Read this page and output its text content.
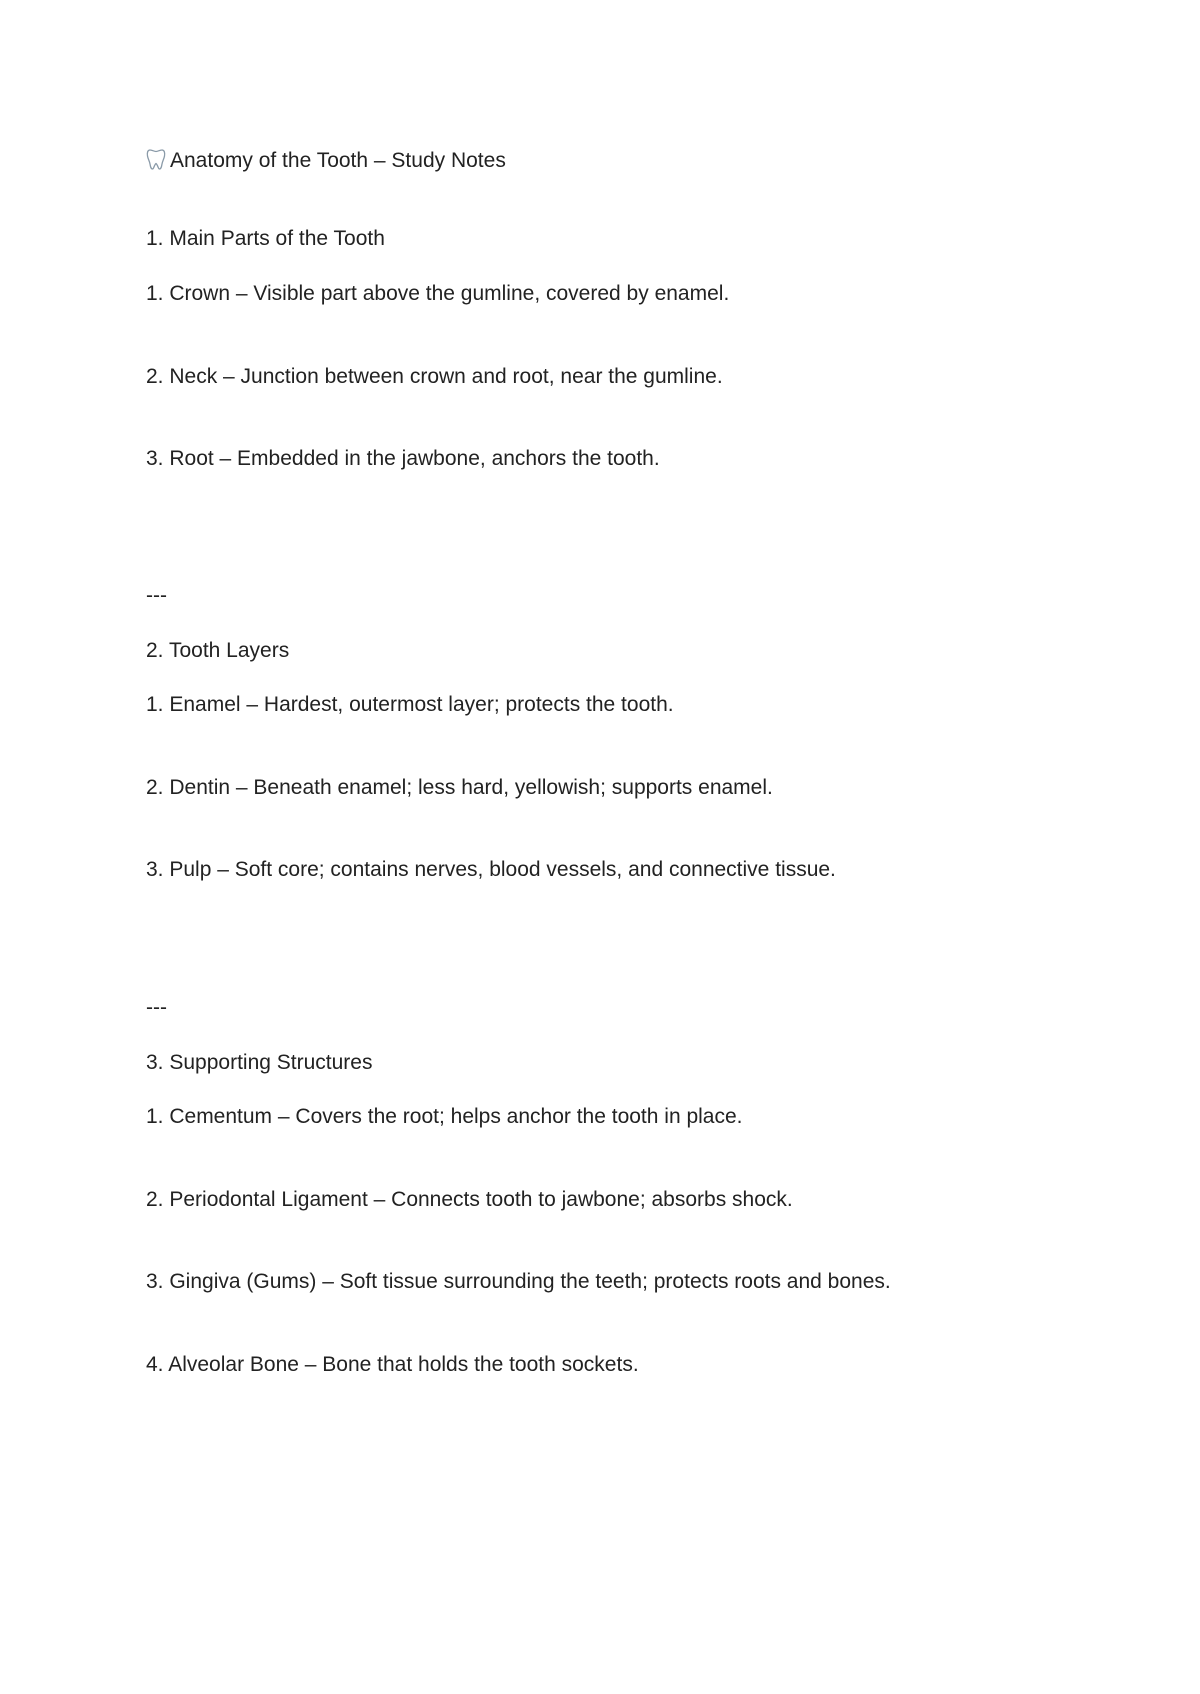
Anatomy of the Tooth – Study Notes
1. Main Parts of the Tooth
1. Crown – Visible part above the gumline, covered by enamel.
2. Neck – Junction between crown and root, near the gumline.
3. Root – Embedded in the jawbone, anchors the tooth.
---
2. Tooth Layers
1. Enamel – Hardest, outermost layer; protects the tooth.
2. Dentin – Beneath enamel; less hard, yellowish; supports enamel.
3. Pulp – Soft core; contains nerves, blood vessels, and connective tissue.
---
3. Supporting Structures
1. Cementum – Covers the root; helps anchor the tooth in place.
2. Periodontal Ligament – Connects tooth to jawbone; absorbs shock.
3. Gingiva (Gums) – Soft tissue surrounding the teeth; protects roots and bones.
4. Alveolar Bone – Bone that holds the tooth sockets.
